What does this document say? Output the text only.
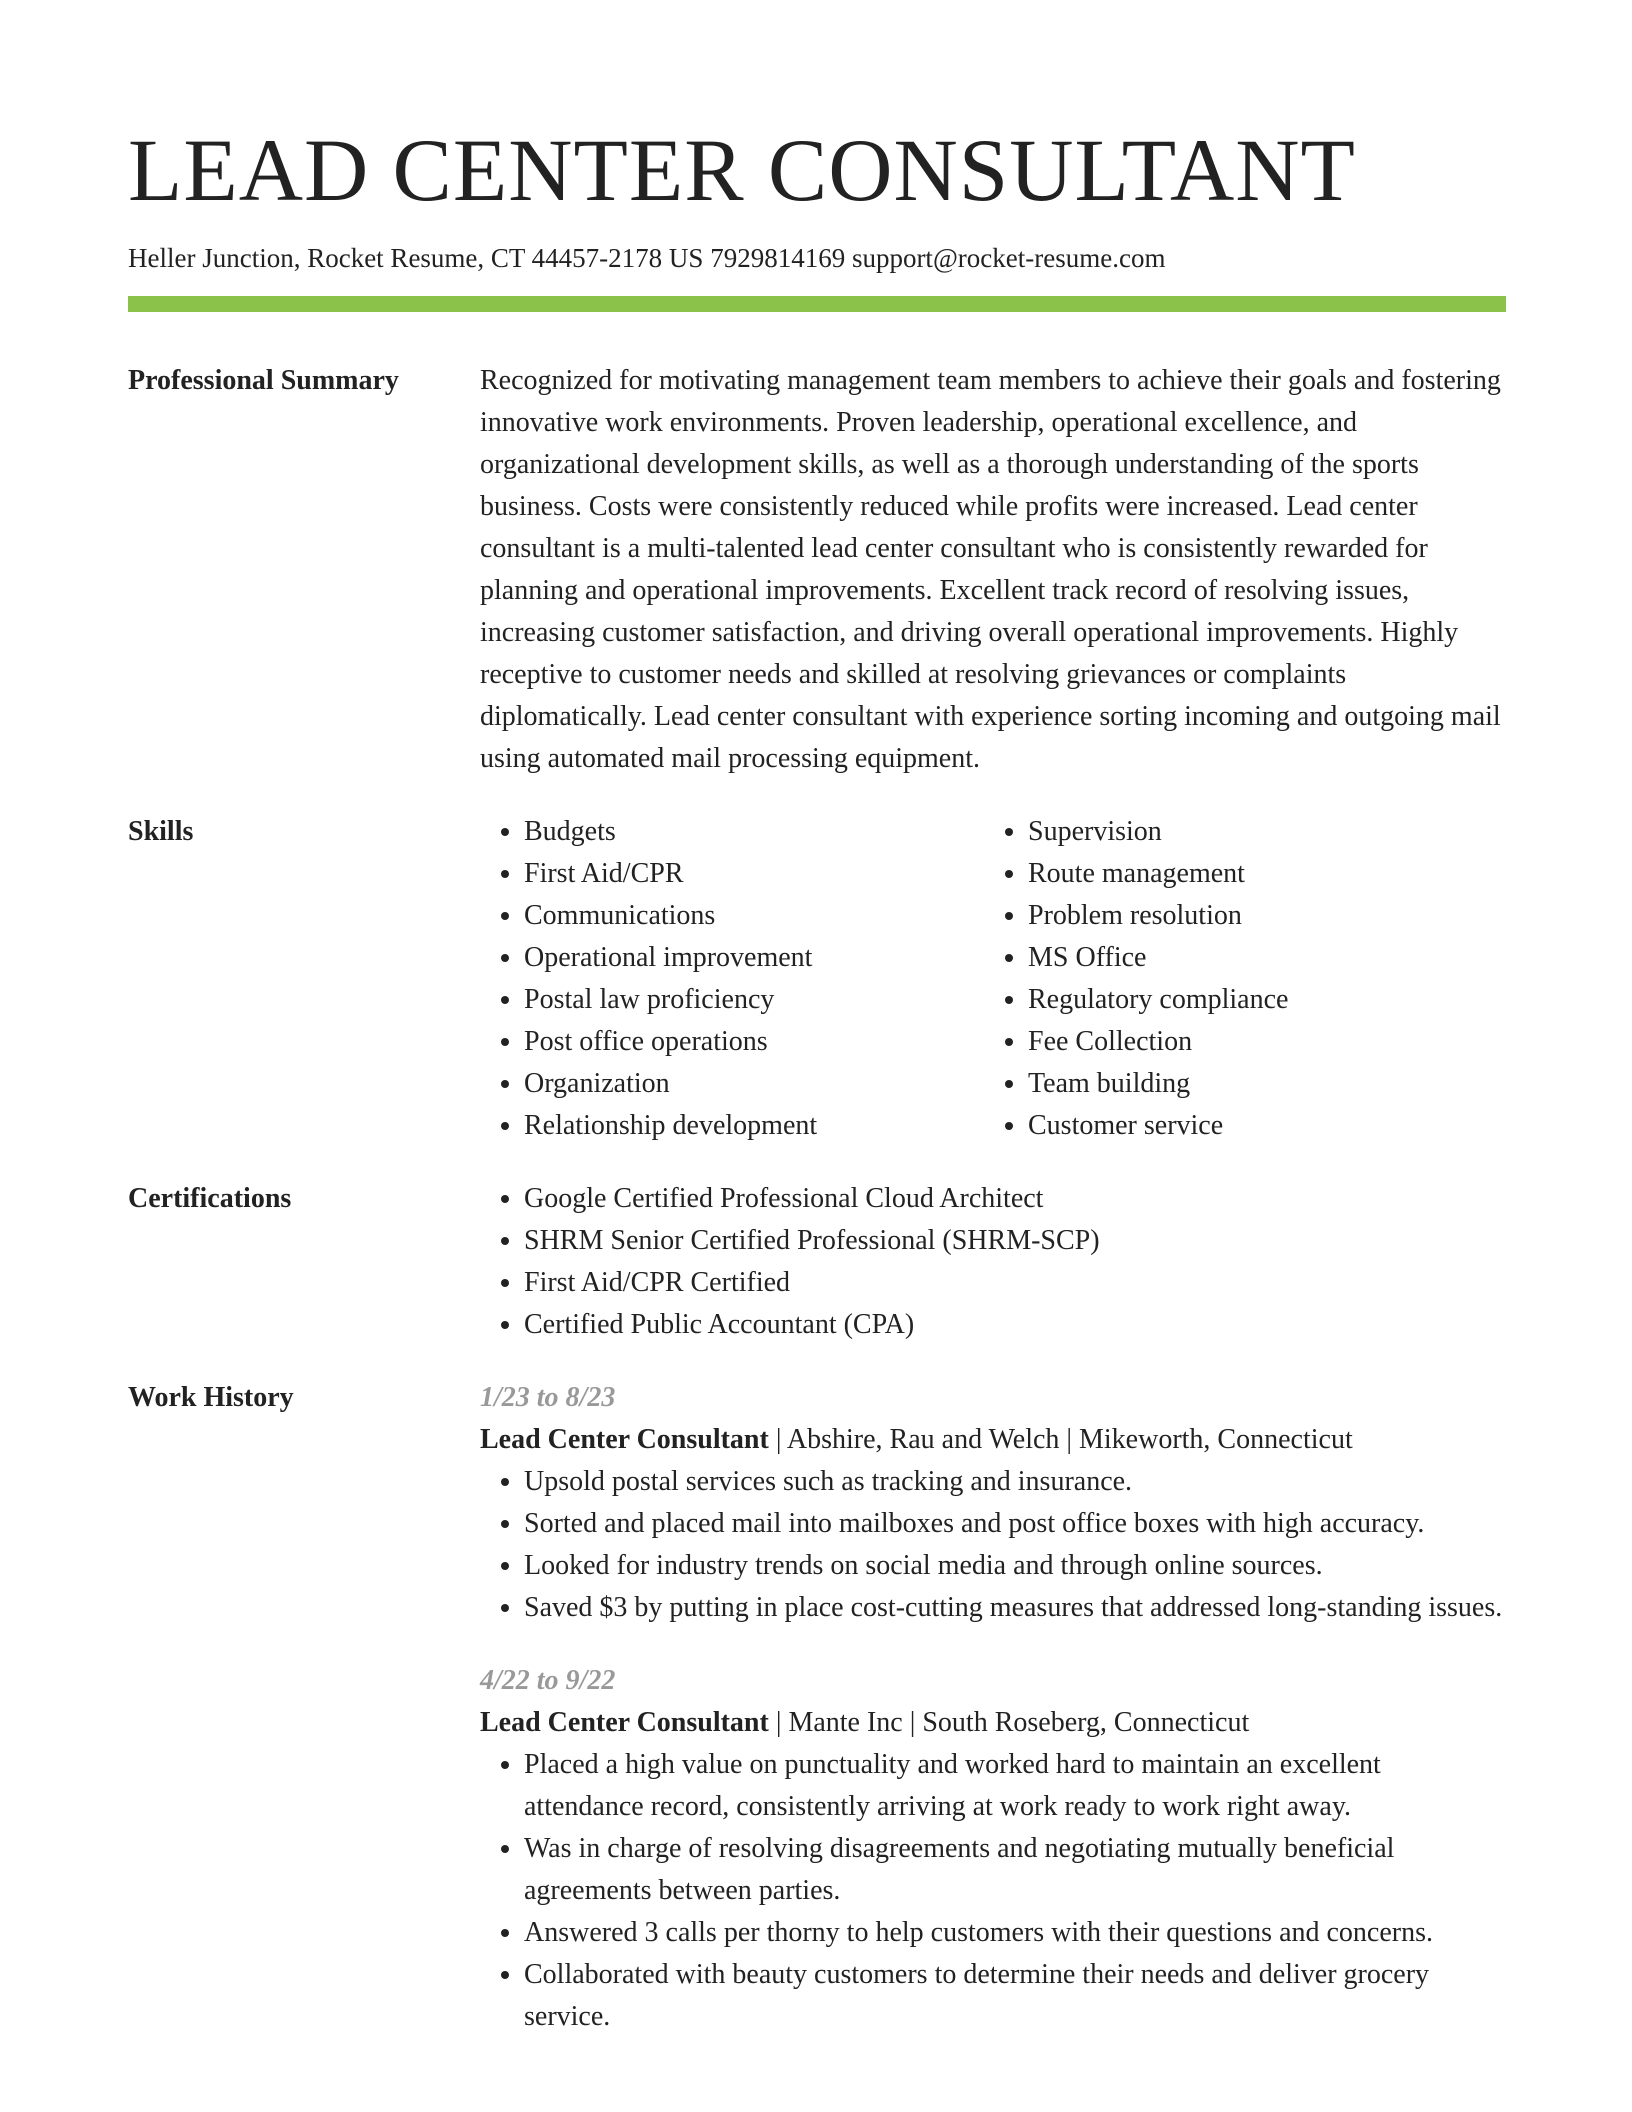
LEAD CENTER CONSULTANT
Heller Junction, Rocket Resume, CT 44457-2178 US 7929814169 support@rocket-resume.com
Professional Summary	Recognized for motivating management team members to achieve their goals and fostering innovative work environments. Proven leadership, operational excellence, and organizational development skills, as well as a thorough understanding of the sports business. Costs were consistently reduced while profits were increased. Lead center consultant is a multi-talented lead center consultant who is consistently rewarded for planning and operational improvements. Excellent track record of resolving issues, increasing customer satisfaction, and driving overall operational improvements. Highly receptive to customer needs and skilled at resolving grievances or complaints diplomatically. Lead center consultant with experience sorting incoming and outgoing mail using automated mail processing equipment.

Skills	• Budgets
• First Aid/CPR
• Communications
• Operational improvement
• Postal law proficiency
• Post office operations
• Organization
• Relationship development
• Supervision
• Route management
• Problem resolution
• MS Office
• Regulatory compliance
• Fee Collection
• Team building
• Customer service
Certifications	• Google Certified Professional Cloud Architect
• SHRM Senior Certified Professional (SHRM-SCP)
• First Aid/CPR Certified
• Certified Public Accountant (CPA)
Work History	1/23 to 8/23
Lead Center Consultant | Abshire, Rau and Welch | Mikeworth, Connecticut
• Upsold postal services such as tracking and insurance.
• Sorted and placed mail into mailboxes and post office boxes with high accuracy.
• Looked for industry trends on social media and through online sources.
• Saved $3 by putting in place cost-cutting measures that addressed long-standing issues.
4/22 to 9/22
Lead Center Consultant | Mante Inc | South Roseberg, Connecticut
• Placed a high value on punctuality and worked hard to maintain an excellent attendance record, consistently arriving at work ready to work right away.
• Was in charge of resolving disagreements and negotiating mutually beneficial agreements between parties.
• Answered 3 calls per thorny to help customers with their questions and concerns.
• Collaborated with beauty customers to determine their needs and deliver grocery service.
